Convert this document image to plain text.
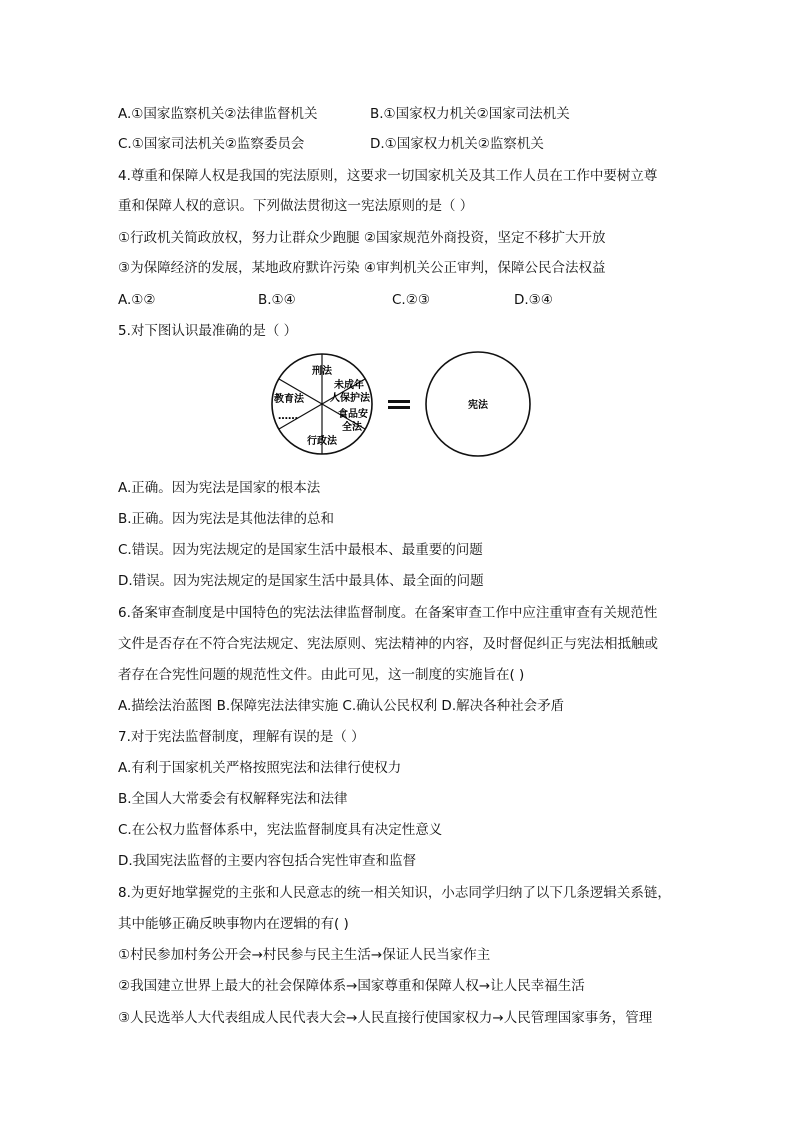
A.①国家监察机关②法律监督机关	B.①国家权力机关②国家司法机关
C.①国家司法机关②监察委员会	D.①国家权力机关②监察机关
4.尊重和保障人权是我国的宪法原则，这要求一切国家机关及其工作人员在工作中要树立尊
重和保障人权的意识。下列做法贯彻这一宪法原则的是（ ）
①行政机关简政放权，努力让群众少跑腿 ②国家规范外商投资，坚定不移扩大开放
③为保障经济的发展，某地政府默许污染 ④审判机关公正审判，保障公民合法权益
A.①②	B.①④	C.②③	D.③④
5.对下图认识最准确的是（ ）
刑法
未成年
人保护法
食品安
全法
行政法
……
教育法
宪法
A.正确。因为宪法是国家的根本法
B.正确。因为宪法是其他法律的总和
C.错误。因为宪法规定的是国家生活中最根本、最重要的问题
D.错误。因为宪法规定的是国家生活中最具体、最全面的问题
6.备案审查制度是中国特色的宪法法律监督制度。在备案审查工作中应注重审查有关规范性
文件是否存在不符合宪法规定、宪法原则、宪法精神的内容，及时督促纠正与宪法相抵触或
者存在合宪性问题的规范性文件。由此可见，这一制度的实施旨在( )
A.描绘法治蓝图 B.保障宪法法律实施 C.确认公民权利 D.解决各种社会矛盾
7.对于宪法监督制度，理解有误的是（ ）
A.有利于国家机关严格按照宪法和法律行使权力
B.全国人大常委会有权解释宪法和法律
C.在公权力监督体系中，宪法监督制度具有决定性意义
D.我国宪法监督的主要内容包括合宪性审查和监督
8.为更好地掌握党的主张和人民意志的统一相关知识，小志同学归纳了以下几条逻辑关系链，
其中能够正确反映事物内在逻辑的有( )
①村民参加村务公开会→村民参与民主生活→保证人民当家作主
②我国建立世界上最大的社会保障体系→国家尊重和保障人权→让人民幸福生活
③人民选举人大代表组成人民代表大会→人民直接行使国家权力→人民管理国家事务，管理
